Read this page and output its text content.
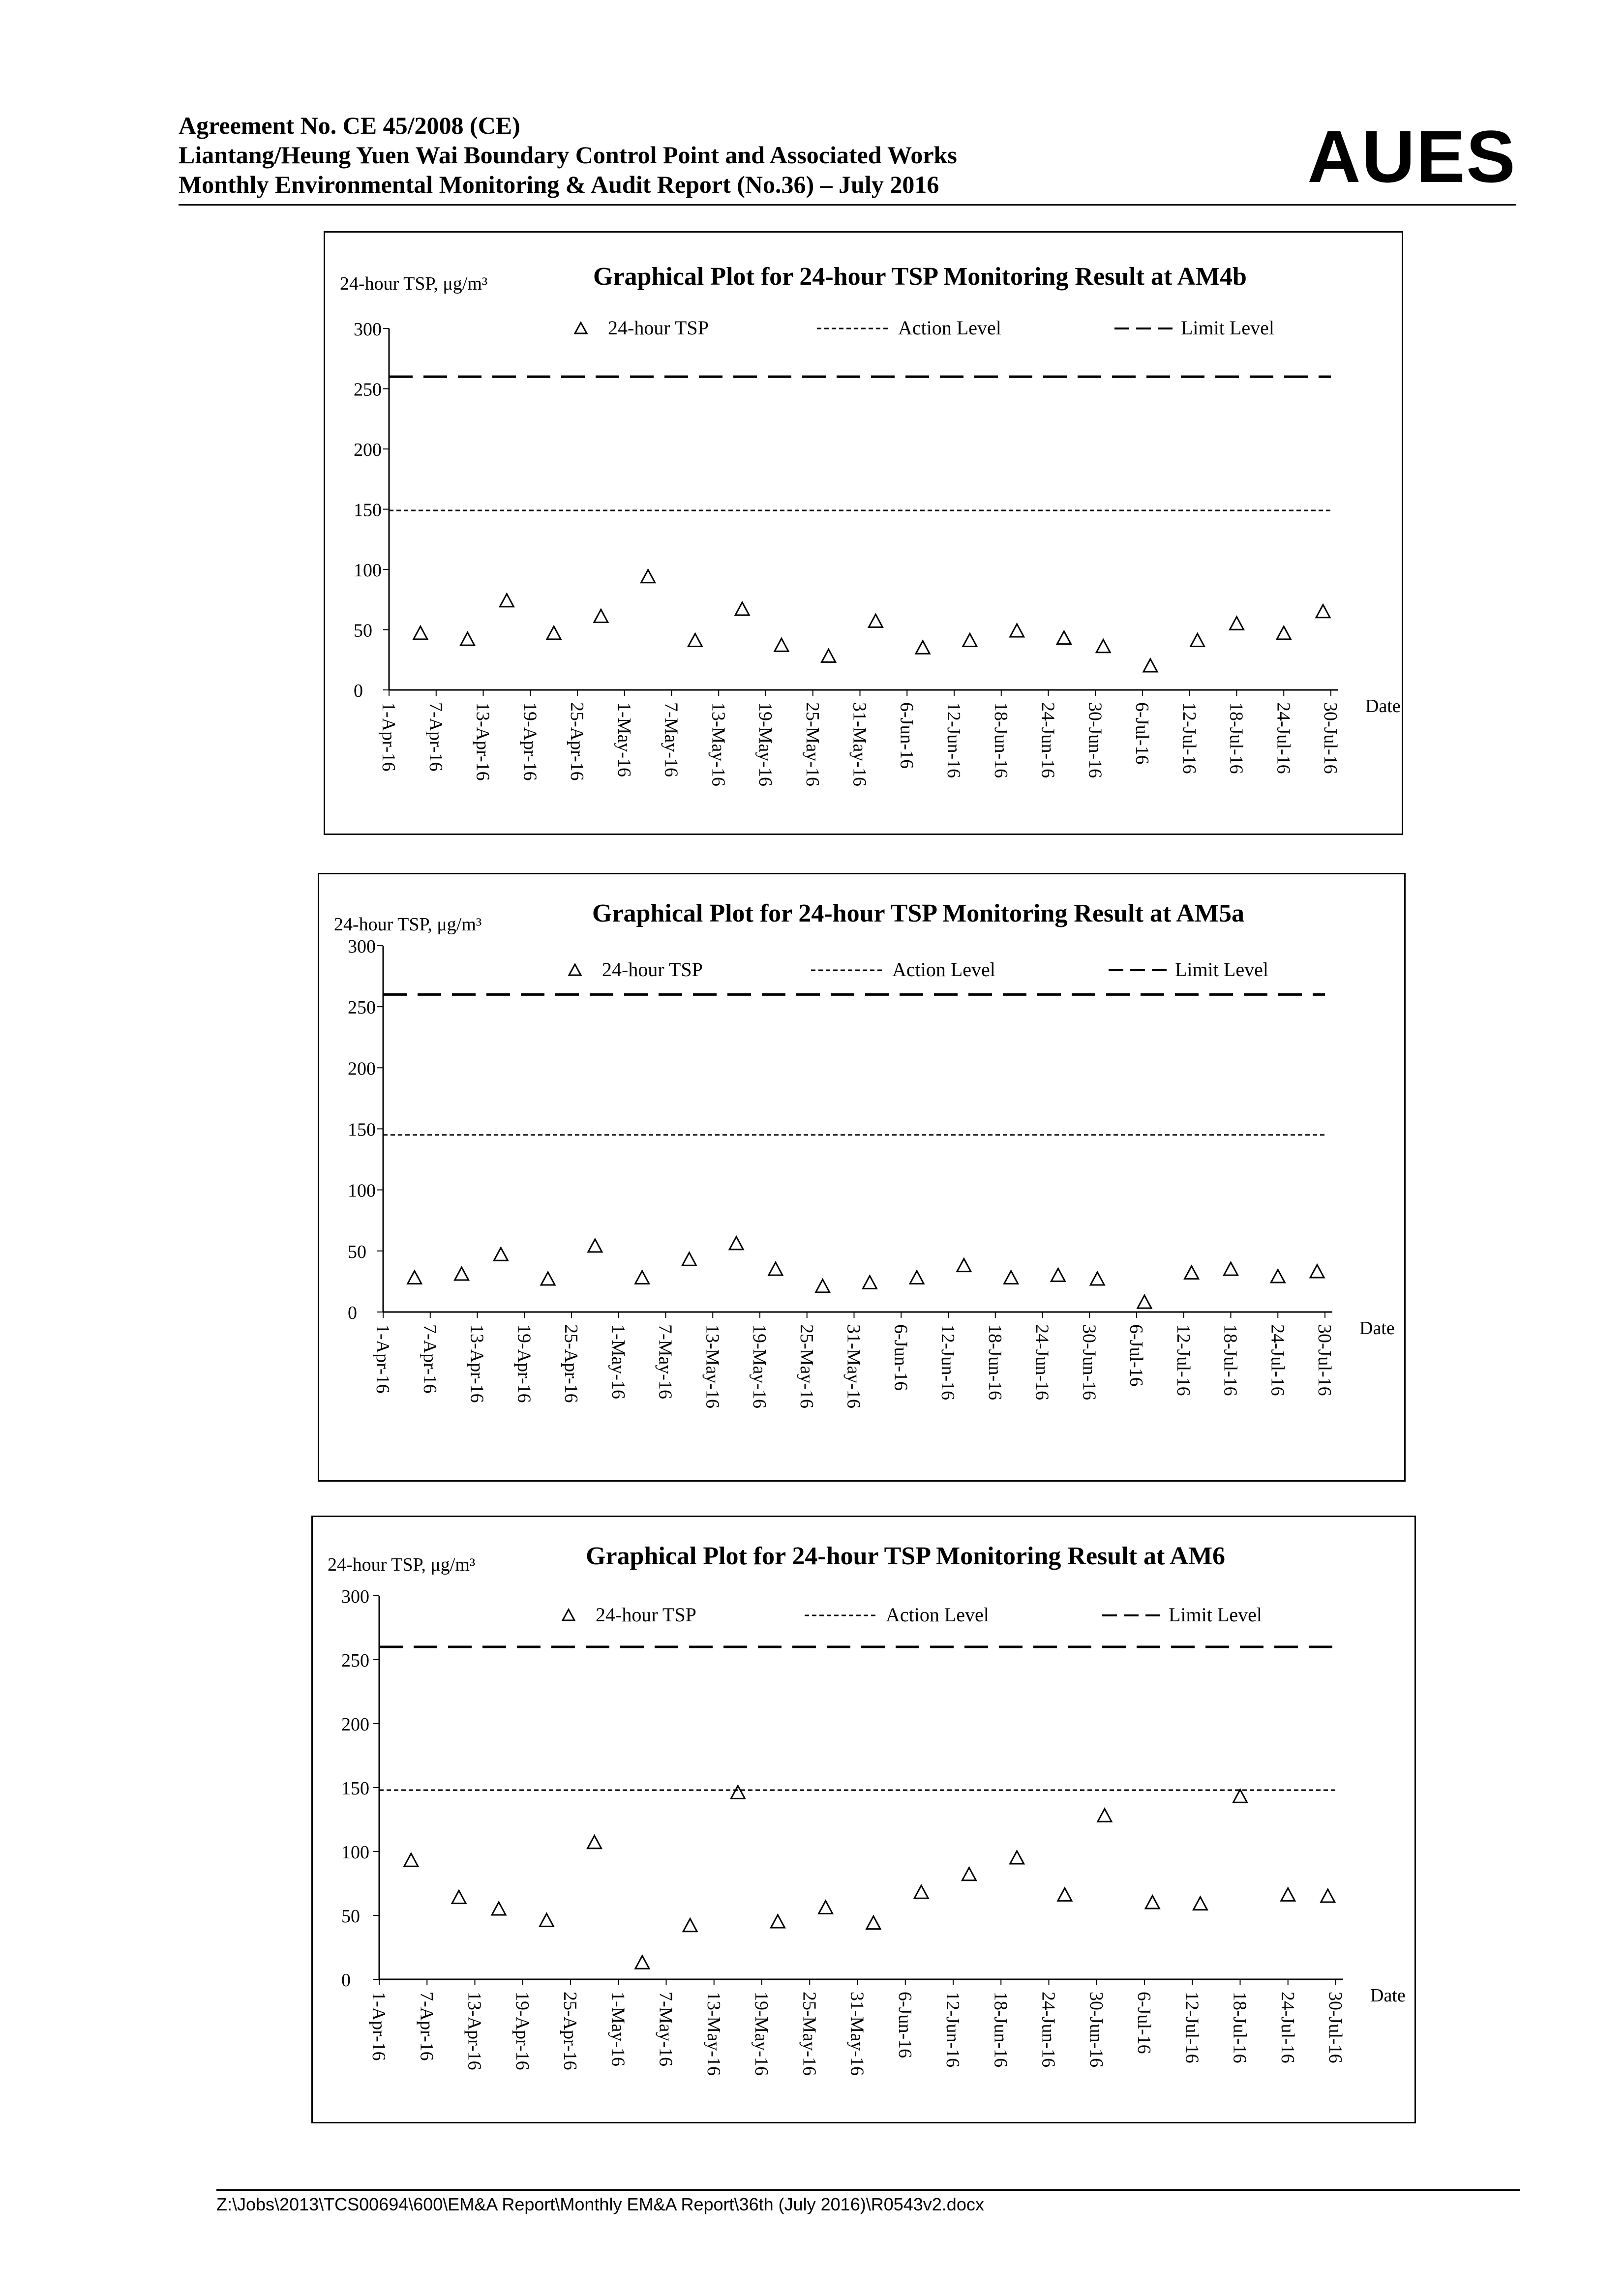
Agreement No. CE 45/2008 (CE)
Liantang/Heung Yuen Wai Boundary Control Point and Associated Works
Monthly Environmental Monitoring & Audit Report (No.36) – July 2016	AUES
24-hour TSP, μg/m³	Graphical Plot for 24-hour TSP Monitoring Result at AM4b
0
50
100
150
200
250
300
1-Apr-16 7-Apr-16 13-Apr-16 19-Apr-16 25-Apr-16 1-May-16 7-May-16 13-May-16 19-May-16 25-May-16 31-May-16 6-Jun-16 12-Jun-16 18-Jun-16 24-Jun-16 30-Jun-16 6-Jul-16 12-Jul-16 18-Jul-16 24-Jul-16 30-Jul-16 Date
24-hour TSP	Action Level	Limit Level
24-hour TSP, μg/m³	Graphical Plot for 24-hour TSP Monitoring Result at AM5a
0
50
100
150
200
250
300
1-Apr-16 7-Apr-16 13-Apr-16 19-Apr-16 25-Apr-16 1-May-16 7-May-16 13-May-16 19-May-16 25-May-16 31-May-16 6-Jun-16 12-Jun-16 18-Jun-16 24-Jun-16 30-Jun-16 6-Jul-16 12-Jul-16 18-Jul-16 24-Jul-16 30-Jul-16 Date
24-hour TSP	Action Level	Limit Level
24-hour TSP, μg/m³	Graphical Plot for 24-hour TSP Monitoring Result at AM6
0
50
100
150
200
250
300
1-Apr-16 7-Apr-16 13-Apr-16 19-Apr-16 25-Apr-16 1-May-16 7-May-16 13-May-16 19-May-16 25-May-16 31-May-16 6-Jun-16 12-Jun-16 18-Jun-16 24-Jun-16 30-Jun-16 6-Jul-16 12-Jul-16 18-Jul-16 24-Jul-16 30-Jul-16 Date
24-hour TSP	Action Level	Limit Level
Z:\Jobs\2013\TCS00694\600\EM&A Report\Monthly EM&A Report\36th (July 2016)\R0543v2.docx
